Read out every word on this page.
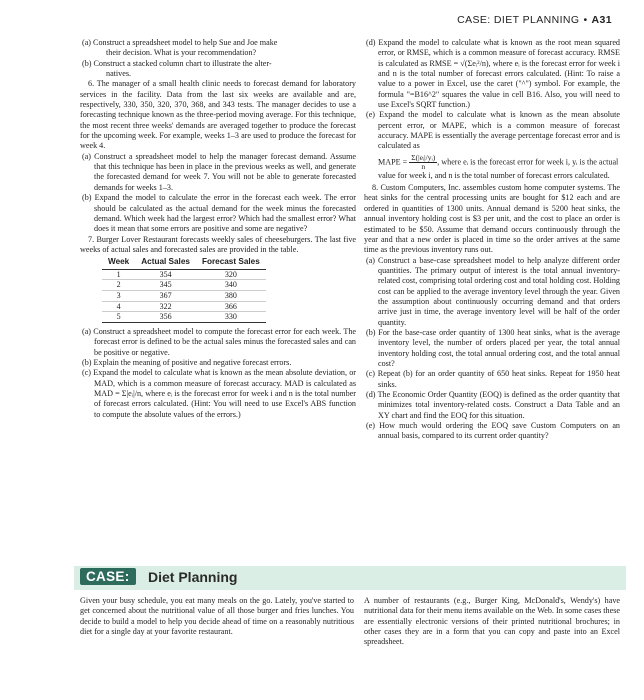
CASE: DIET PLANNING • A31

(a) Construct a spreadsheet model to help Sue and Joe make
their decision. What is your recommendation?

(b) Construct a stacked column chart to illustrate the alter-
natives.

6. The manager of a small health clinic needs to forecast demand for laboratory services in the facility. Data from the last six weeks are available and are, respectively, 330, 350, 320, 370, 368, and 343 tests. The manager decides to use a forecasting technique known as the three-period moving average. For this technique, the most recent three weeks' demands are averaged together to produce the forecast for the upcoming week. For example, weeks 1–3 are used to produce the forecast for week 4.

(a) Construct a spreadsheet model to help the manager forecast demand. Assume that this technique has been in place in the previous weeks as well, and generate the forecasted demand for week 7. You will not be able to generate forecasted demands for weeks 1–3.

(b) Expand the model to calculate the error in the forecast each week. The error should be calculated as the actual demand for the week minus the forecasted demand. Which week had the largest error? Which had the smallest error? What does it mean that some errors are positive and some are negative?

7. Burger Lover Restaurant forecasts weekly sales of cheeseburgers. The last five weeks of actual sales and forecasted sales are provided in the table.

Week	Actual Sales	Forecast Sales
1	354	320
2	345	340
3	367	380
4	322	366
5	356	330

(a) Construct a spreadsheet model to compute the forecast error for each week. The forecast error is defined to be the actual sales minus the forecasted sales and can be positive or negative.

(b) Explain the meaning of positive and negative forecast errors.

(c) Expand the model to calculate what is known as the mean absolute deviation, or MAD, which is a common measure of forecast accuracy. MAD is calculated as MAD = Σ|eᵢ|/n, where eᵢ is the forecast error for week i and n is the total number of forecast errors calculated. (Hint: You will need to use Excel's ABS function to compute the absolute values of the errors.)

(d) Expand the model to calculate what is known as the root mean squared error, or RMSE, which is a common measure of forecast accuracy. RMSE is calculated as RMSE = √(Σeᵢ²/n), where eᵢ is the forecast error for week i and n is the total number of forecast errors calculated. (Hint: To raise a value to a power in Excel, use the caret ("^") symbol. For example, the formula "=B16^2" squares the value in cell B16. Also, you will need to use Excel's SQRT function.)

(e) Expand the model to calculate what is known as the mean absolute percent error, or MAPE, which is a common measure of forecast accuracy. MAPE is essentially the average percentage forecast error and is calculated as

MAPE = $\frac{\text{Σ(|eᵢ|/yᵢ)}}{n}$, where eᵢ is the forecast error for week i, yᵢ is the actual value for week i, and n is the total number of forecast errors calculated.

8. Custom Computers, Inc. assembles custom home computer systems. The heat sinks for the central processing units are bought for $12 each and are ordered in quantities of 1300 units. Annual demand is 5200 heat sinks, the annual inventory holding cost is $3 per unit, and the cost to place an order is estimated to be $50. Assume that demand occurs continuously through the year and that a new order is placed in time so the order arrives at the same time as the previous inventory runs out.

(a) Construct a base-case spreadsheet model to help analyze different order quantities. The primary output of interest is the total annual inventory-related cost, comprising total ordering cost and total holding cost. Holding cost can be applied to the average inventory level through the year. Given the assumption about continuously occurring demand and that orders arrive just in time, the average inventory level will be half of the order quantity.

(b) For the base-case order quantity of 1300 heat sinks, what is the average inventory level, the number of orders placed per year, the total annual inventory holding cost, the total annual ordering cost, and the total annual cost?

(c) Repeat (b) for an order quantity of 650 heat sinks. Repeat for 1950 heat sinks.

(d) The Economic Order Quantity (EOQ) is defined as the order quantity that minimizes total inventory-related costs. Construct a Data Table and an XY chart and find the EOQ for this situation.

(e) How much would ordering the EOQ save Custom Computers on an annual basis, compared to its current order quantity?

CASE:	Diet Planning

Given your busy schedule, you eat many meals on the go. Lately, you've started to get concerned about the nutritional value of all those burger and fries lunches. You decide to build a model to help you decide ahead of time on a reasonably nutritious diet for a single day at your favorite restaurant.

A number of restaurants (e.g., Burger King, McDonald's, Wendy's) have nutritional data for their menu items available on the Web. In some cases these are essentially electronic versions of their printed nutritional brochures; in other cases they are in a form that you can copy and paste into an Excel spreadsheet.
